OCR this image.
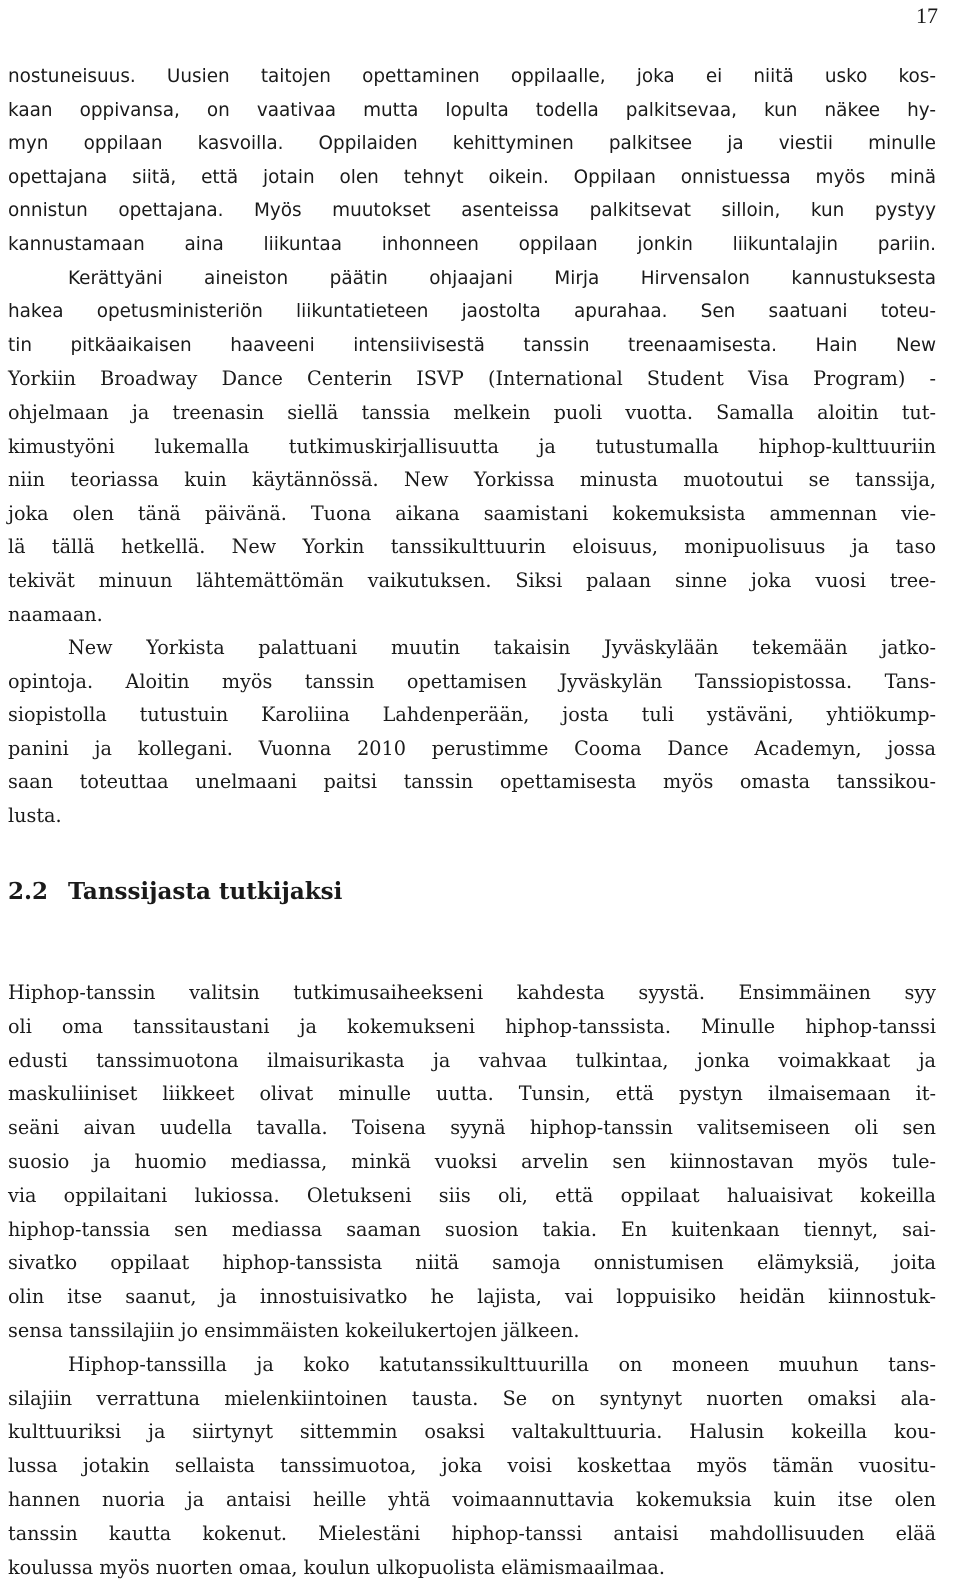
17
nostuneisuus. Uusien taitojen opettaminen oppilaalle, joka ei niitä usko kos-
kaan oppivansa, on vaativaa mutta lopulta todella palkitsevaa, kun näkee hy-
myn oppilaan kasvoilla. Oppilaiden kehittyminen palkitsee ja viestii minulle
opettajana siitä, että jotain olen tehnyt oikein. Oppilaan onnistuessa myös minä
onnistun opettajana. Myös muutokset asenteissa palkitsevat silloin, kun pystyy
kannustamaan aina liikuntaa inhonneen oppilaan jonkin liikuntalajin pariin.
Kerättyäni aineiston päätin ohjaajani Mirja Hirvensalon kannustuksesta
hakea opetusministeriön liikuntatieteen jaostolta apurahaa. Sen saatuani toteu-
tin pitkäaikaisen haaveeni intensiivisestä tanssin treenaamisesta. Hain New
Yorkiin Broadway Dance Centerin ISVP (International Student Visa Program) -
ohjelmaan ja treenasin siellä tanssia melkein puoli vuotta. Samalla aloitin tut-
kimustyöni lukemalla tutkimuskirjallisuutta ja tutustumalla hiphop-kulttuuriin
niin teoriassa kuin käytännössä. New Yorkissa minusta muotoutui se tanssija,
joka olen tänä päivänä. Tuona aikana saamistani kokemuksista ammennan vie-
lä tällä hetkellä. New Yorkin tanssikulttuurin eloisuus, monipuolisuus ja taso
tekivät minuun lähtemättömän vaikutuksen. Siksi palaan sinne joka vuosi tree-
naamaan.
New Yorkista palattuani muutin takaisin Jyväskylään tekemään jatko-
opintoja. Aloitin myös tanssin opettamisen Jyväskylän Tanssiopistossa. Tans-
siopistolla tutustuin Karoliina Lahdenperään, josta tuli ystäväni, yhtiökump-
panini ja kollegani. Vuonna 2010 perustimme Cooma Dance Academyn, jossa
saan toteuttaa unelmaani paitsi tanssin opettamisesta myös omasta tanssikou-
lusta.
2.2 Tanssijasta tutkijaksi
Hiphop-tanssin valitsin tutkimusaiheekseni kahdesta syystä. Ensimmäinen syy
oli oma tanssitaustani ja kokemukseni hiphop-tanssista. Minulle hiphop-tanssi
edusti tanssimuotona ilmaisurikasta ja vahvaa tulkintaa, jonka voimakkaat ja
maskuliiniset liikkeet olivat minulle uutta. Tunsin, että pystyn ilmaisemaan it-
seäni aivan uudella tavalla. Toisena syynä hiphop-tanssin valitsemiseen oli sen
suosio ja huomio mediassa, minkä vuoksi arvelin sen kiinnostavan myös tule-
via oppilaitani lukiossa. Oletukseni siis oli, että oppilaat haluaisivat kokeilla
hiphop-tanssia sen mediassa saaman suosion takia. En kuitenkaan tiennyt, sai-
sivatko oppilaat hiphop-tanssista niitä samoja onnistumisen elämyksiä, joita
olin itse saanut, ja innostuisivatko he lajista, vai loppuisiko heidän kiinnostuk-
sensa tanssilajiin jo ensimmäisten kokeilukertojen jälkeen.
Hiphop-tanssilla ja koko katutanssikulttuurilla on moneen muuhun tans-
silajiin verrattuna mielenkiintoinen tausta. Se on syntynyt nuorten omaksi ala-
kulttuuriksi ja siirtynyt sittemmin osaksi valtakulttuuria. Halusin kokeilla kou-
lussa jotakin sellaista tanssimuotoa, joka voisi koskettaa myös tämän vuositu-
hannen nuoria ja antaisi heille yhtä voimaannuttavia kokemuksia kuin itse olen
tanssin kautta kokenut. Mielestäni hiphop-tanssi antaisi mahdollisuuden elää
koulussa myös nuorten omaa, koulun ulkopuolista elämismaailmaa.
